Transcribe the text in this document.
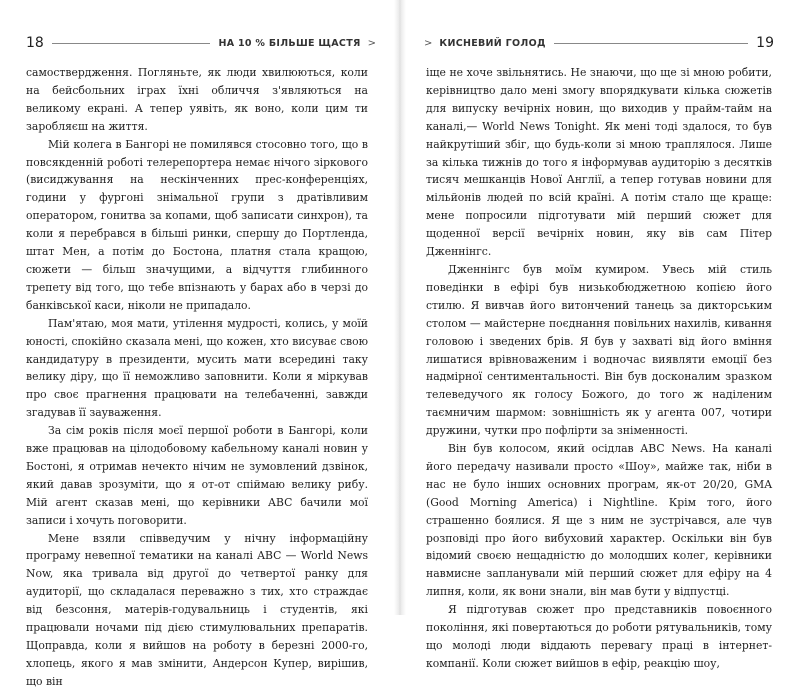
18	НА 10 % БІЛЬШЕ ЩАСТЯ >

самоствердження. Погляньте, як люди хвилюються, коли на бейсбольних іграх їхні обличчя з'являються на великому екрані. А тепер уявіть, як воно, коли цим ти заробляєш на життя.

Мій колега в Бангорі не помилявся стосовно того, що в повсякденній роботі телерепортера немає нічого зіркового (висиджування на нескінченних прес-конференціях, години у фургоні знімальної групи з дратівливим оператором, гонитва за копами, щоб записати синхрон), та коли я перебрався в більші ринки, спершу до Портленда, штат Мен, а потім до Бостона, платня стала кращою, сюжети — більш значущими, а відчуття глибинного трепету від того, що тебе впізнають у барах або в черзі до банківської каси, ніколи не припадало.

Пам'ятаю, моя мати, утілення мудрості, колись, у моїй юності, спокійно сказала мені, що кожен, хто висуває свою кандидатуру в президенти, мусить мати всередині таку велику діру, що її неможливо заповнити. Коли я міркував про своє прагнення працювати на телебаченні, завжди згадував її зауваження.

За сім років після моєї першої роботи в Бангорі, коли вже працював на цілодобовому кабельному каналі новин у Бостоні, я отримав нечекто нічим не зумовлений дзвінок, який давав зрозуміти, що я от-от спіймаю велику рибу. Мій агент сказав мені, що керівники ABC бачили мої записи і хочуть поговорити.

Мене взяли співведучим у нічну інформаційну програму невепної тематики на каналі ABC — World News Now, яка тривала від другої до четвертої ранку для аудиторії, що складалася переважно з тих, хто страждає від безсоння, матерів-годувальниць і студентів, які працювали ночами під дією стимулювальних препаратів. Щоправда, коли я вийшов на роботу в березні 2000-го, хлопець, якого я мав змінити, Андерсон Купер, вирішив, що він

> КИСНЕВИЙ ГОЛОД	19

іще не хоче звільнятись. Не знаючи, що ще зі мною робити, керівництво дало мені змогу впорядкувати кілька сюжетів для випуску вечірніх новин, що виходив у прайм-тайм на каналі,— World News Tonight. Як мені тоді здалося, то був найкрутіший збіг, що будь-коли зі мною траплялося. Лише за кілька тижнів до того я інформував аудиторію з десятків тисяч мешканців Нової Англії, а тепер готував новини для мільйонів людей по всій країні. А потім стало ще краще: мене попросили підготувати мій перший сюжет для щоденної версії вечірніх новин, яку вів сам Пітер Дженнінгс.

Дженнінгс був моїм кумиром. Увесь мій стиль поведінки в ефірі був низькобюджетною копією його стилю. Я вивчав його витончений танець за дикторським столом — майстерне поєднання повільних нахилів, кивання головою і зведених брів. Я був у захваті від його вміння лишатися врівноваженим і водночас виявляти емоції без надмірної сентиментальності. Він був досконалим зразком телеведучого як голосу Божого, до того ж наділеним таємничим шармом: зовнішність як у агента 007, чотири дружини, чутки про пофлірти за зніменності.

Він був колосом, який осідлав ABC News. На каналі його передачу називали просто «Шоу», майже так, ніби в нас не було інших основних програм, як-от 20/20, GMA (Good Morning America) і Nightline. Крім того, його страшенно боялися. Я ще з ним не зустрічався, але чув розповіді про його вибуховий характер. Оскільки він був відомий своєю нещадністю до молодших колег, керівники навмисне запланували мій перший сюжет для ефіру на 4 липня, коли, як вони знали, він мав бути у відпустці.

Я підготував сюжет про представників повоєнного покоління, які повертаються до роботи рятувальників, тому що молоді люди віддають перевагу праці в інтернет-компанії. Коли сюжет вийшов в ефір, реакцію шоу,
